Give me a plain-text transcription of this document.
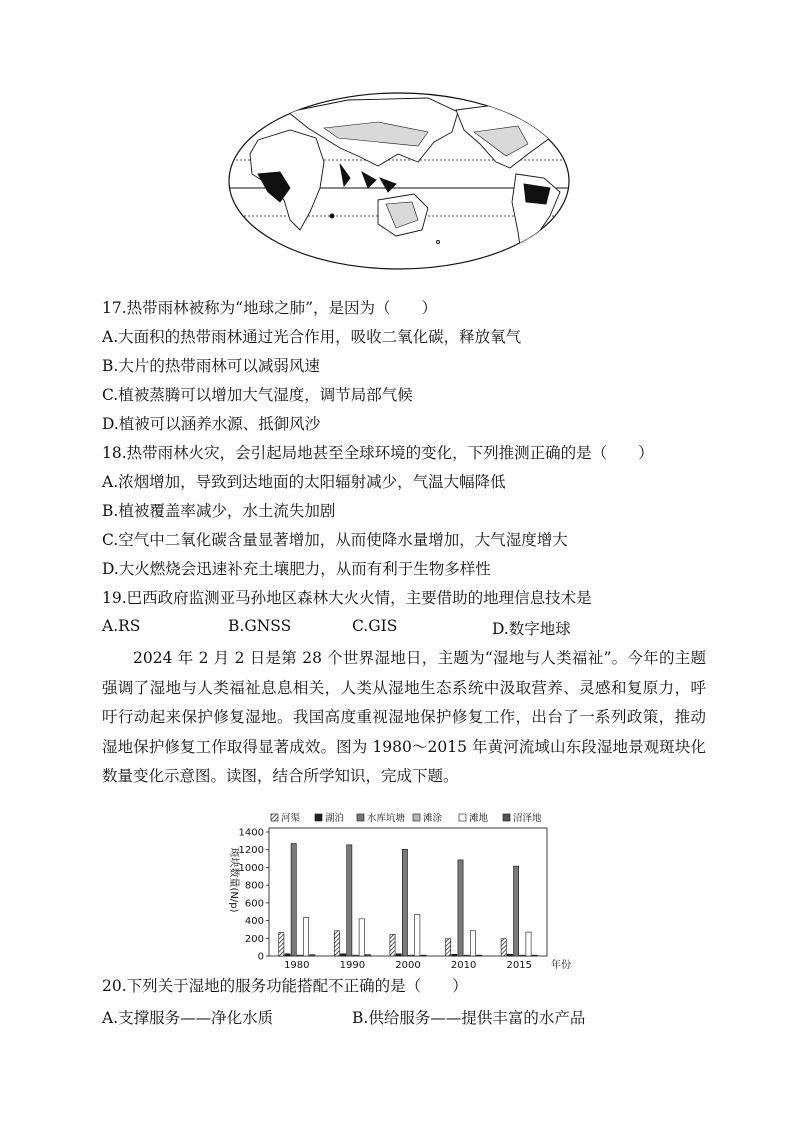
17.热带雨林被称为“地球之肺”，是因为（　　）
A.大面积的热带雨林通过光合作用，吸收二氧化碳，释放氧气
B.大片的热带雨林可以减弱风速
C.植被蒸腾可以增加大气湿度，调节局部气候
D.植被可以涵养水源、抵御风沙
18.热带雨林火灾，会引起局地甚至全球环境的变化，下列推测正确的是（　　）
A.浓烟增加，导致到达地面的太阳辐射减少，气温大幅降低
B.植被覆盖率减少，水土流失加剧
C.空气中二氧化碳含量显著增加，从而使降水量增加，大气湿度增大
D.大火燃烧会迅速补充土壤肥力，从而有利于生物多样性
19.巴西政府监测亚马孙地区森林大火火情，主要借助的地理信息技术是
A.RS	B.GNSS	C.GIS	D.数字地球
2024 年 2 月 2 日是第 28 个世界湿地日，主题为“湿地与人类福祉”。今年的主题强调了湿地与人类福祉息息相关，人类从湿地生态系统中汲取营养、灵感和复原力，呼吁行动起来保护修复湿地。我国高度重视湿地保护修复工作，出台了一系列政策，推动湿地保护修复工作取得显著成效。图为 1980～2015 年黄河流域山东段湿地景观斑块化数量变化示意图。读图，结合所学知识，完成下题。
河渠	湖泊 水库坑塘 滩涂	滩地	沼泽地
0
200
400
600
800
1000
1200
1400
1980	1990	2000	2010	2015 年份
斑块数量(N/p)
20.下列关于湿地的服务功能搭配不正确的是（　　）
A.支撑服务——净化水质	B.供给服务——提供丰富的水产品
